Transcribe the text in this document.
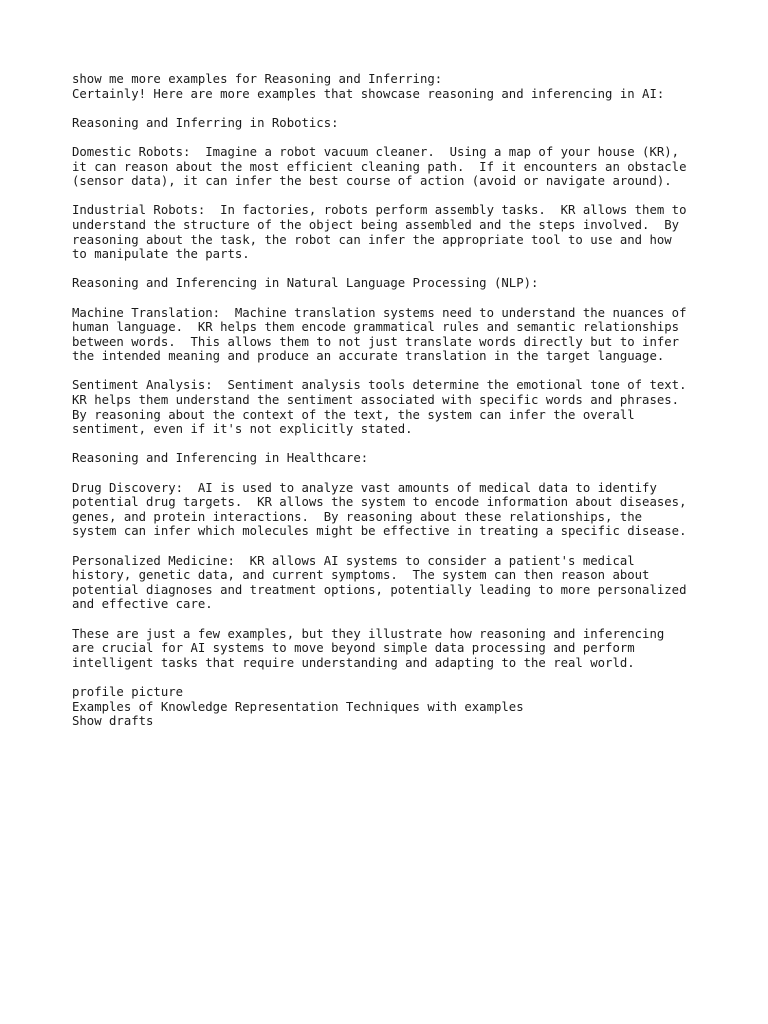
show me more examples for Reasoning and Inferring:
Certainly! Here are more examples that showcase reasoning and inferencing in AI:
Reasoning and Inferring in Robotics:
Domestic Robots:  Imagine a robot vacuum cleaner.  Using a map of your house (KR),
it can reason about the most efficient cleaning path.  If it encounters an obstacle
(sensor data), it can infer the best course of action (avoid or navigate around).
Industrial Robots:  In factories, robots perform assembly tasks.  KR allows them to
understand the structure of the object being assembled and the steps involved.  By
reasoning about the task, the robot can infer the appropriate tool to use and how
to manipulate the parts.
Reasoning and Inferencing in Natural Language Processing (NLP):
Machine Translation:  Machine translation systems need to understand the nuances of
human language.  KR helps them encode grammatical rules and semantic relationships
between words.  This allows them to not just translate words directly but to infer
the intended meaning and produce an accurate translation in the target language.
Sentiment Analysis:  Sentiment analysis tools determine the emotional tone of text.
KR helps them understand the sentiment associated with specific words and phrases.
By reasoning about the context of the text, the system can infer the overall
sentiment, even if it's not explicitly stated.
Reasoning and Inferencing in Healthcare:
Drug Discovery:  AI is used to analyze vast amounts of medical data to identify
potential drug targets.  KR allows the system to encode information about diseases,
genes, and protein interactions.  By reasoning about these relationships, the
system can infer which molecules might be effective in treating a specific disease.
Personalized Medicine:  KR allows AI systems to consider a patient's medical
history, genetic data, and current symptoms.  The system can then reason about
potential diagnoses and treatment options, potentially leading to more personalized
and effective care.
These are just a few examples, but they illustrate how reasoning and inferencing
are crucial for AI systems to move beyond simple data processing and perform
intelligent tasks that require understanding and adapting to the real world.
profile picture
Examples of Knowledge Representation Techniques with examples
Show drafts
